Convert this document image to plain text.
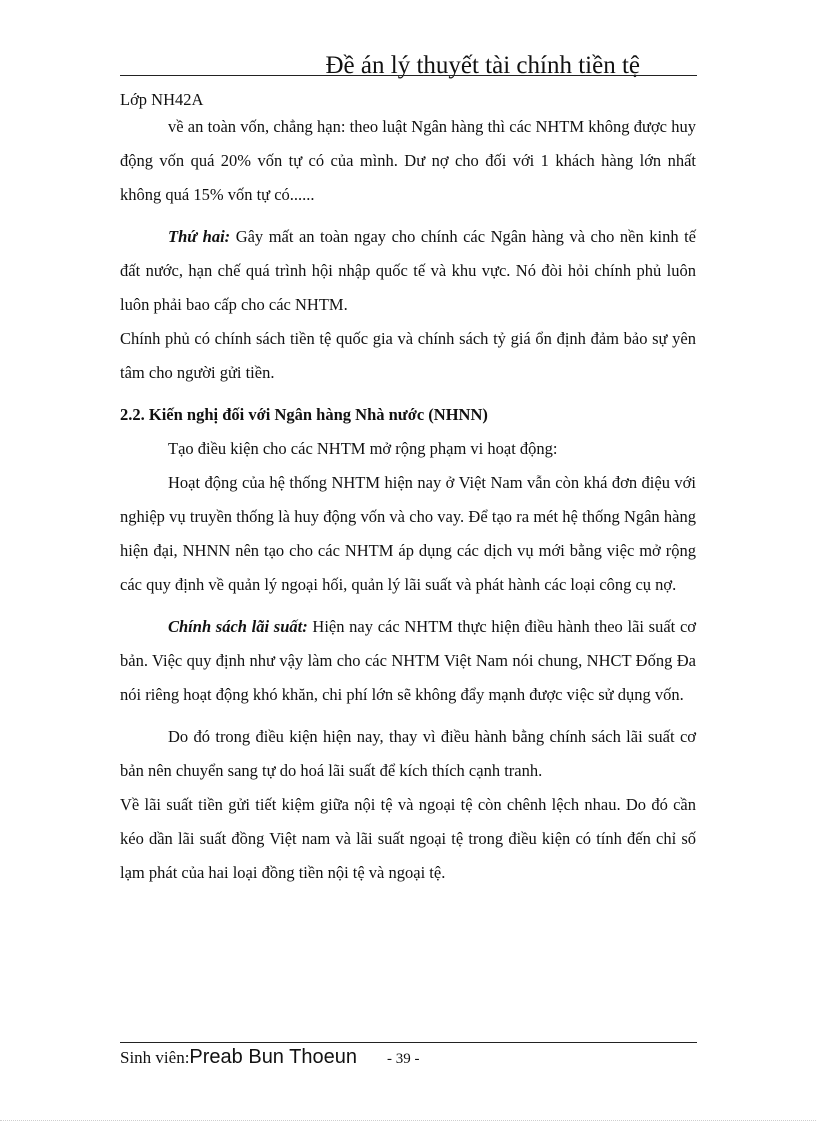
Đề án lý thuyết tài chính tiền tệ
Lớp NH42A

về an toàn vốn, chẳng hạn: theo luật Ngân hàng thì các NHTM không được huy động vốn quá 20% vốn tự có của mình. Dư nợ cho đối với 1 khách hàng lớn nhất không quá 15% vốn tự có......

Thứ hai: Gây mất an toàn ngay cho chính các Ngân hàng và cho nền kinh tế đất nước, hạn chế quá trình hội nhập quốc tế và khu vực. Nó đòi hỏi chính phủ luôn luôn phải bao cấp cho các NHTM.

Chính phủ có chính sách tiền tệ quốc gia và chính sách tỷ giá ổn định đảm bảo sự yên tâm cho người gửi tiền.

2.2. Kiến nghị đối với Ngân hàng Nhà nước (NHNN)

Tạo điều kiện cho các NHTM mở rộng phạm vi hoạt động:

Hoạt động của hệ thống NHTM hiện nay ở Việt Nam vẫn còn khá đơn điệu với nghiệp vụ truyền thống là huy động vốn và cho vay. Để tạo ra mét hệ thống Ngân hàng hiện đại, NHNN nên tạo cho các NHTM áp dụng các dịch vụ mới bằng việc mở rộng các quy định về quản lý ngoại hối, quản lý lãi suất và phát hành các loại công cụ nợ.

Chính sách lãi suất: Hiện nay các NHTM thực hiện điều hành theo lãi suất cơ bản. Việc quy định như vậy làm cho các NHTM Việt Nam nói chung, NHCT Đống Đa nói riêng hoạt động khó khăn, chi phí lớn sẽ không đẩy mạnh được việc sử dụng vốn.

Do đó trong điều kiện hiện nay, thay vì điều hành bằng chính sách lãi suất cơ bản nên chuyển sang tự do hoá lãi suất để kích thích cạnh tranh.

Về lãi suất tiền gửi tiết kiệm giữa nội tệ và ngoại tệ còn chênh lệch nhau. Do đó cần kéo dần lãi suất đồng Việt nam và lãi suất ngoại tệ trong điều kiện có tính đến chỉ số lạm phát của hai loại đồng tiền nội tệ và ngoại tệ.

Sinh viên: Preab Bun Thoeun - 39 -
